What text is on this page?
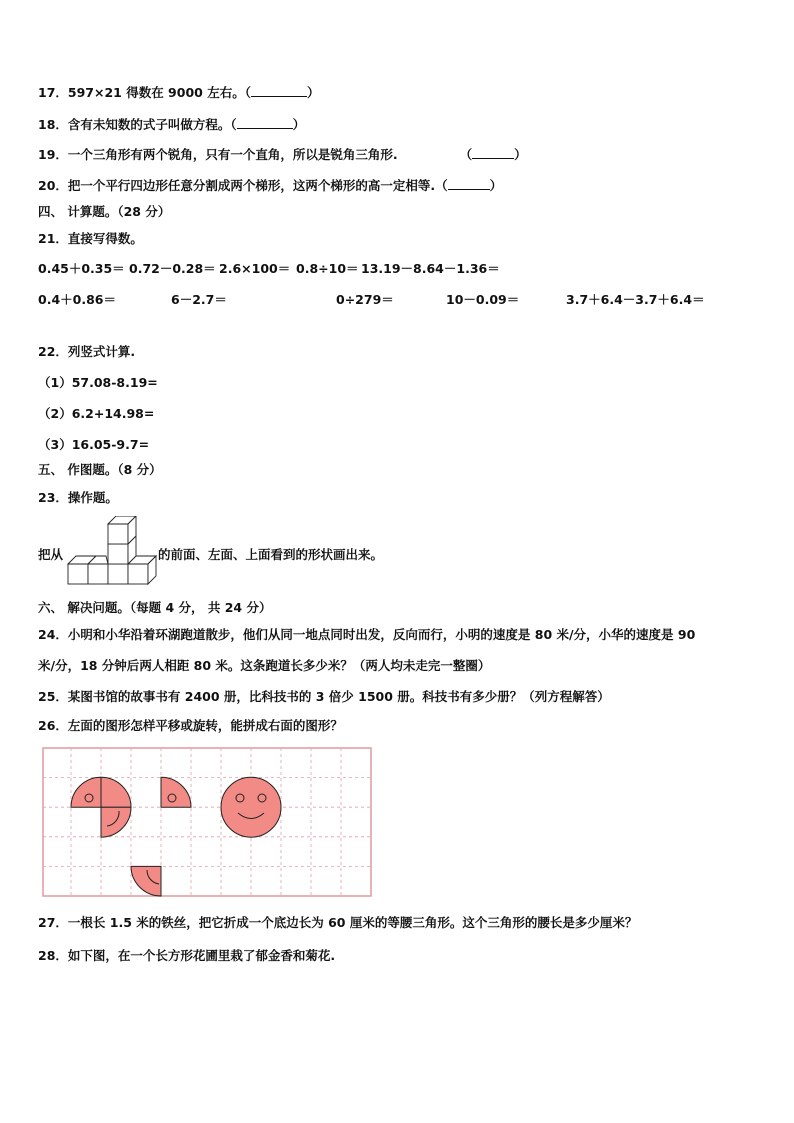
17．597×21 得数在 9000 左右。（	）
18．含有未知数的式子叫做方程。（	）
19．一个三角形有两个锐角，只有一个直角，所以是锐角三角形.	（	）
20．把一个平行四边形任意分割成两个梯形，这两个梯形的高一定相等.（	）
四、 计算题。（28 分）
21．直接写得数。
0.45＋0.35＝ 0.72－0.28＝ 2.6×100＝ 0.8÷10＝ 13.19－8.64－1.36＝
0.4＋0.86＝	6－2.7＝	0÷279＝	10－0.09＝	3.7＋6.4－3.7＋6.4＝
22．列竖式计算.
（1）57.08-8.19=
（2）6.2+14.98=
（3）16.05-9.7=
五、 作图题。（8 分）
23．操作题。
把从	的前面、左面、上面看到的形状画出来。
六、 解决问题。（每题 4 分， 共 24 分）
24．小明和小华沿着环湖跑道散步，他们从同一地点同时出发，反向而行，小明的速度是 80 米/分，小华的速度是 90
米/分，18 分钟后两人相距 80 米。这条跑道长多少米？（两人均未走完一整圈）
25．某图书馆的故事书有 2400 册，比科技书的 3 倍少 1500 册。科技书有多少册？（列方程解答）
26．左面的图形怎样平移或旋转，能拼成右面的图形？
27．一根长 1.5 米的铁丝，把它折成一个底边长为 60 厘米的等腰三角形。这个三角形的腰长是多少厘米？
28．如下图，在一个长方形花圃里栽了郁金香和菊花.
